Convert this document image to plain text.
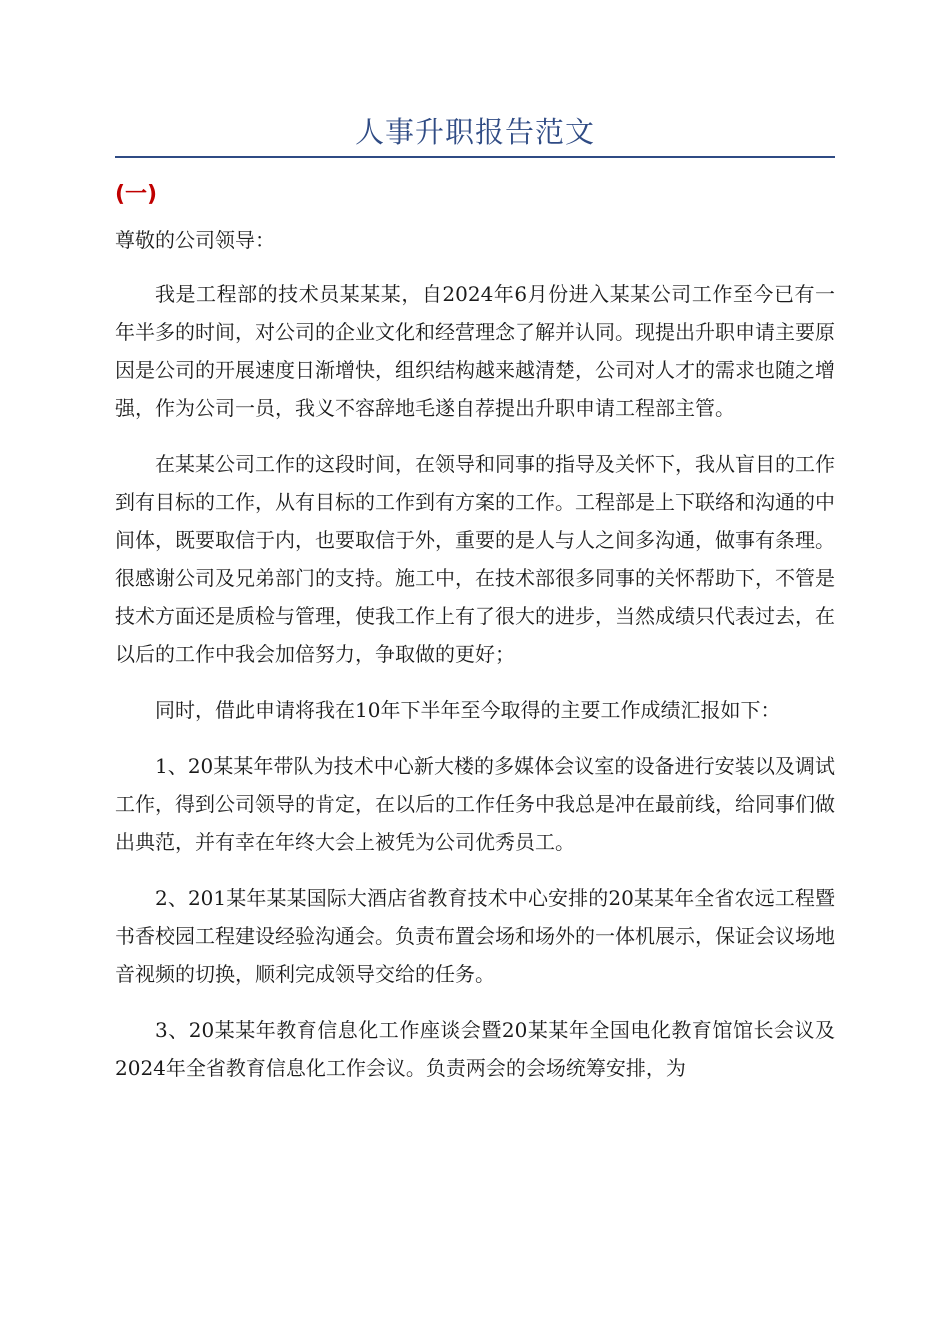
人事升职报告范文
(一)
尊敬的公司领导：

我是工程部的技术员某某某，自2024年6月份进入某某公司工作至今已有一年半多的时间，对公司的企业文化和经营理念了解并认同。现提出升职申请主要原因是公司的开展速度日渐增快，组织结构越来越清楚，公司对人才的需求也随之增强，作为公司一员，我义不容辞地毛遂自荐提出升职申请工程部主管。

在某某公司工作的这段时间，在领导和同事的指导及关怀下，我从盲目的工作到有目标的工作，从有目标的工作到有方案的工作。工程部是上下联络和沟通的中间体，既要取信于内，也要取信于外，重要的是人与人之间多沟通，做事有条理。很感谢公司及兄弟部门的支持。施工中，在技术部很多同事的关怀帮助下，不管是技术方面还是质检与管理，使我工作上有了很大的进步，当然成绩只代表过去，在以后的工作中我会加倍努力，争取做的更好；

同时，借此申请将我在10年下半年至今取得的主要工作成绩汇报如下：

1、20某某年带队为技术中心新大楼的多媒体会议室的设备进行安装以及调试工作，得到公司领导的肯定，在以后的工作任务中我总是冲在最前线，给同事们做出典范，并有幸在年终大会上被凭为公司优秀员工。

2、201某年某某国际大酒店省教育技术中心安排的20某某年全省农远工程暨书香校园工程建设经验沟通会。负责布置会场和场外的一体机展示，保证会议场地音视频的切换，顺利完成领导交给的任务。

3、20某某年教育信息化工作座谈会暨20某某年全国电化教育馆馆长会议及2024年全省教育信息化工作会议。负责两会的会场统筹安排，为
